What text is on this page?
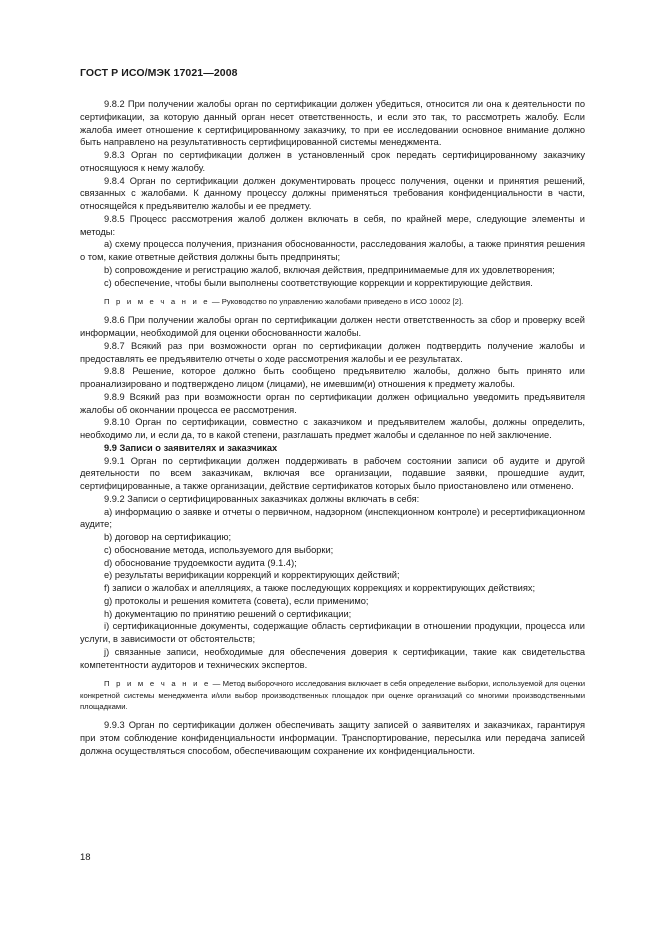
ГОСТ Р ИСО/МЭК 17021—2008

9.8.2 При получении жалобы орган по сертификации должен убедиться, относится ли она к деятельности по сертификации, за которую данный орган несет ответственность, и если это так, то рассмотреть жалобу. Если жалоба имеет отношение к сертифицированному заказчику, то при ее исследовании основное внимание должно быть направлено на результативность сертифицированной системы менеджмента.

9.8.3 Орган по сертификации должен в установленный срок передать сертифицированному заказчику относящуюся к нему жалобу.

9.8.4 Орган по сертификации должен документировать процесс получения, оценки и принятия решений, связанных с жалобами. К данному процессу должны применяться требования конфиденциальности в части, относящейся к предъявителю жалобы и ее предмету.

9.8.5 Процесс рассмотрения жалоб должен включать в себя, по крайней мере, следующие элементы и методы:

a) схему процесса получения, признания обоснованности, расследования жалобы, а также принятия решения о том, какие ответные действия должны быть предприняты;

b) сопровождение и регистрацию жалоб, включая действия, предпринимаемые для их удовлетворения;

c) обеспечение, чтобы были выполнены соответствующие коррекции и корректирующие действия.

П р и м е ч а н и е — Руководство по управлению жалобами приведено в ИСО 10002 [2].

9.8.6 При получении жалобы орган по сертификации должен нести ответственность за сбор и проверку всей информации, необходимой для оценки обоснованности жалобы.

9.8.7 Всякий раз при возможности орган по сертификации должен подтвердить получение жалобы и предоставлять ее предъявителю отчеты о ходе рассмотрения жалобы и ее результатах.

9.8.8 Решение, которое должно быть сообщено предъявителю жалобы, должно быть принято или проанализировано и подтверждено лицом (лицами), не имевшим(и) отношения к предмету жалобы.

9.8.9 Всякий раз при возможности орган по сертификации должен официально уведомить предъявителя жалобы об окончании процесса ее рассмотрения.

9.8.10 Орган по сертификации, совместно с заказчиком и предъявителем жалобы, должны определить, необходимо ли, и если да, то в какой степени, разглашать предмет жалобы и сделанное по ней заключение.

9.9 Записи о заявителях и заказчиках

9.9.1 Орган по сертификации должен поддерживать в рабочем состоянии записи об аудите и другой деятельности по всем заказчикам, включая все организации, подавшие заявки, прошедшие аудит, сертифицированные, а также организации, действие сертификатов которых было приостановлено или отменено.

9.9.2 Записи о сертифицированных заказчиках должны включать в себя:

a) информацию о заявке и отчеты о первичном, надзорном (инспекционном контроле) и ресертификационном аудите;

b) договор на сертификацию;

c) обоснование метода, используемого для выборки;

d) обоснование трудоемкости аудита (9.1.4);

e) результаты верификации коррекций и корректирующих действий;

f) записи о жалобах и апелляциях, а также последующих коррекциях и корректирующих действиях;

g) протоколы и решения комитета (совета), если применимо;

h) документацию по принятию решений о сертификации;

i) сертификационные документы, содержащие область сертификации в отношении продукции, процесса или услуги, в зависимости от обстоятельств;

j) связанные записи, необходимые для обеспечения доверия к сертификации, такие как свидетельства компетентности аудиторов и технических экспертов.

П р и м е ч а н и е — Метод выборочного исследования включает в себя определение выборки, используемой для оценки конкретной системы менеджмента и/или выбор производственных площадок при оценке организаций со многими производственными площадками.

9.9.3 Орган по сертификации должен обеспечивать защиту записей о заявителях и заказчиках, гарантируя при этом соблюдение конфиденциальности информации. Транспортирование, пересылка или передача записей должна осуществляться способом, обеспечивающим сохранение их конфиденциальности.

18
